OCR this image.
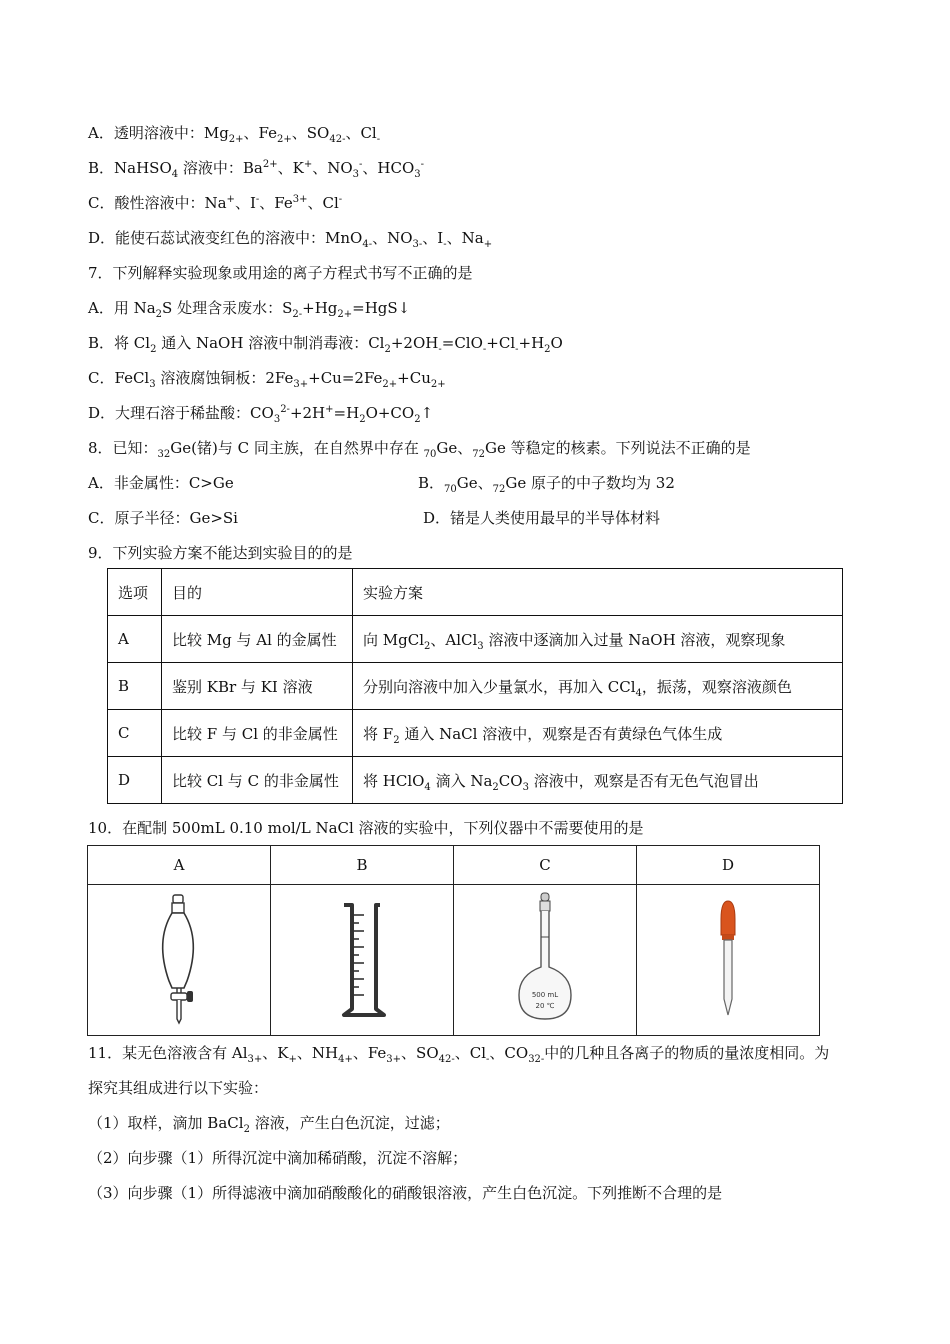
A．透明溶液中：$Mg_{2+}$、$Fe_{2+}$、$SO_{42-}$、$Cl_-$
B．NaHSO$_4$ 溶液中：$Ba^{2+}$、K+、$NO_3^-$、$HCO_3^-$
C．酸性溶液中：Na+、I-、$Fe^{3+}$、Cl-
D．能使石蕊试液变红色的溶液中：MnO$_{4-}$、$NO_{3-}$、$I_-$、$Na_+$
7．下列解释实验现象或用途的离子方程式书写不正确的是
A．用 $Na_2S$ 处理含汞废水：$S_{2-}+Hg_{2+}=HgS↓$
B．将 $Cl_2$ 通入 NaOH 溶液中制消毒液：$Cl_2+2OH_-=ClO_-+Cl_-+H_2O$
C．FeCl$_3$ 溶液腐蚀铜板：$2Fe_{3+}+Cu=2Fe_{2+}+Cu_{2+}$
D．大理石溶于稀盐酸：$CO_3^{2-}+2H^+=H_2O+CO_2↑$
8．已知：$_{32}$Ge(锗)与 C 同主族，在自然界中存在 $_{70}$Ge、$_{72}$Ge 等稳定的核素。下列说法不正确的是
A．非金属性：C>Ge	B．$_{70}$Ge、$_{72}$Ge 原子的中子数均为 32
C．原子半径：Ge>Si	D．锗是人类使用最早的半导体材料
9．下列实验方案不能达到实验目的的是
选项	目的	实验方案
A	比较 Mg 与 Al 的金属性	向 MgCl$_2$、AlCl$_3$ 溶液中逐滴加入过量 NaOH 溶液，观察现象
B	鉴别 KBr 与 KI 溶液	分别向溶液中加入少量氯水，再加入 CCl$_4$，振荡，观察溶液颜色
C	比较 F 与 Cl 的非金属性	将 $F_2$ 通入 NaCl 溶液中，观察是否有黄绿色气体生成
D	比较 Cl 与 C 的非金属性	将 HClO$_4$ 滴入 $Na_2CO_3$ 溶液中，观察是否有无色气泡冒出
10．在配制 500mL 0.10 mol/L NaCl 溶液的实验中，下列仪器中不需要使用的是
A	B	C	D

500 mL
20 ℃

11．某无色溶液含有 $Al_{3+}$、$K_+$、$NH_{4+}$、$Fe_{3+}$、$SO_{42-}$、$Cl_-$、$CO_{32-}$中的几种且各离子的物质的量浓度相同。为
探究其组成进行以下实验：
（1）取样，滴加 BaCl$_2$ 溶液，产生白色沉淀，过滤；
（2）向步骤（1）所得沉淀中滴加稀硝酸，沉淀不溶解；
（3）向步骤（1）所得滤液中滴加硝酸酸化的硝酸银溶液，产生白色沉淀。下列推断不合理的是
